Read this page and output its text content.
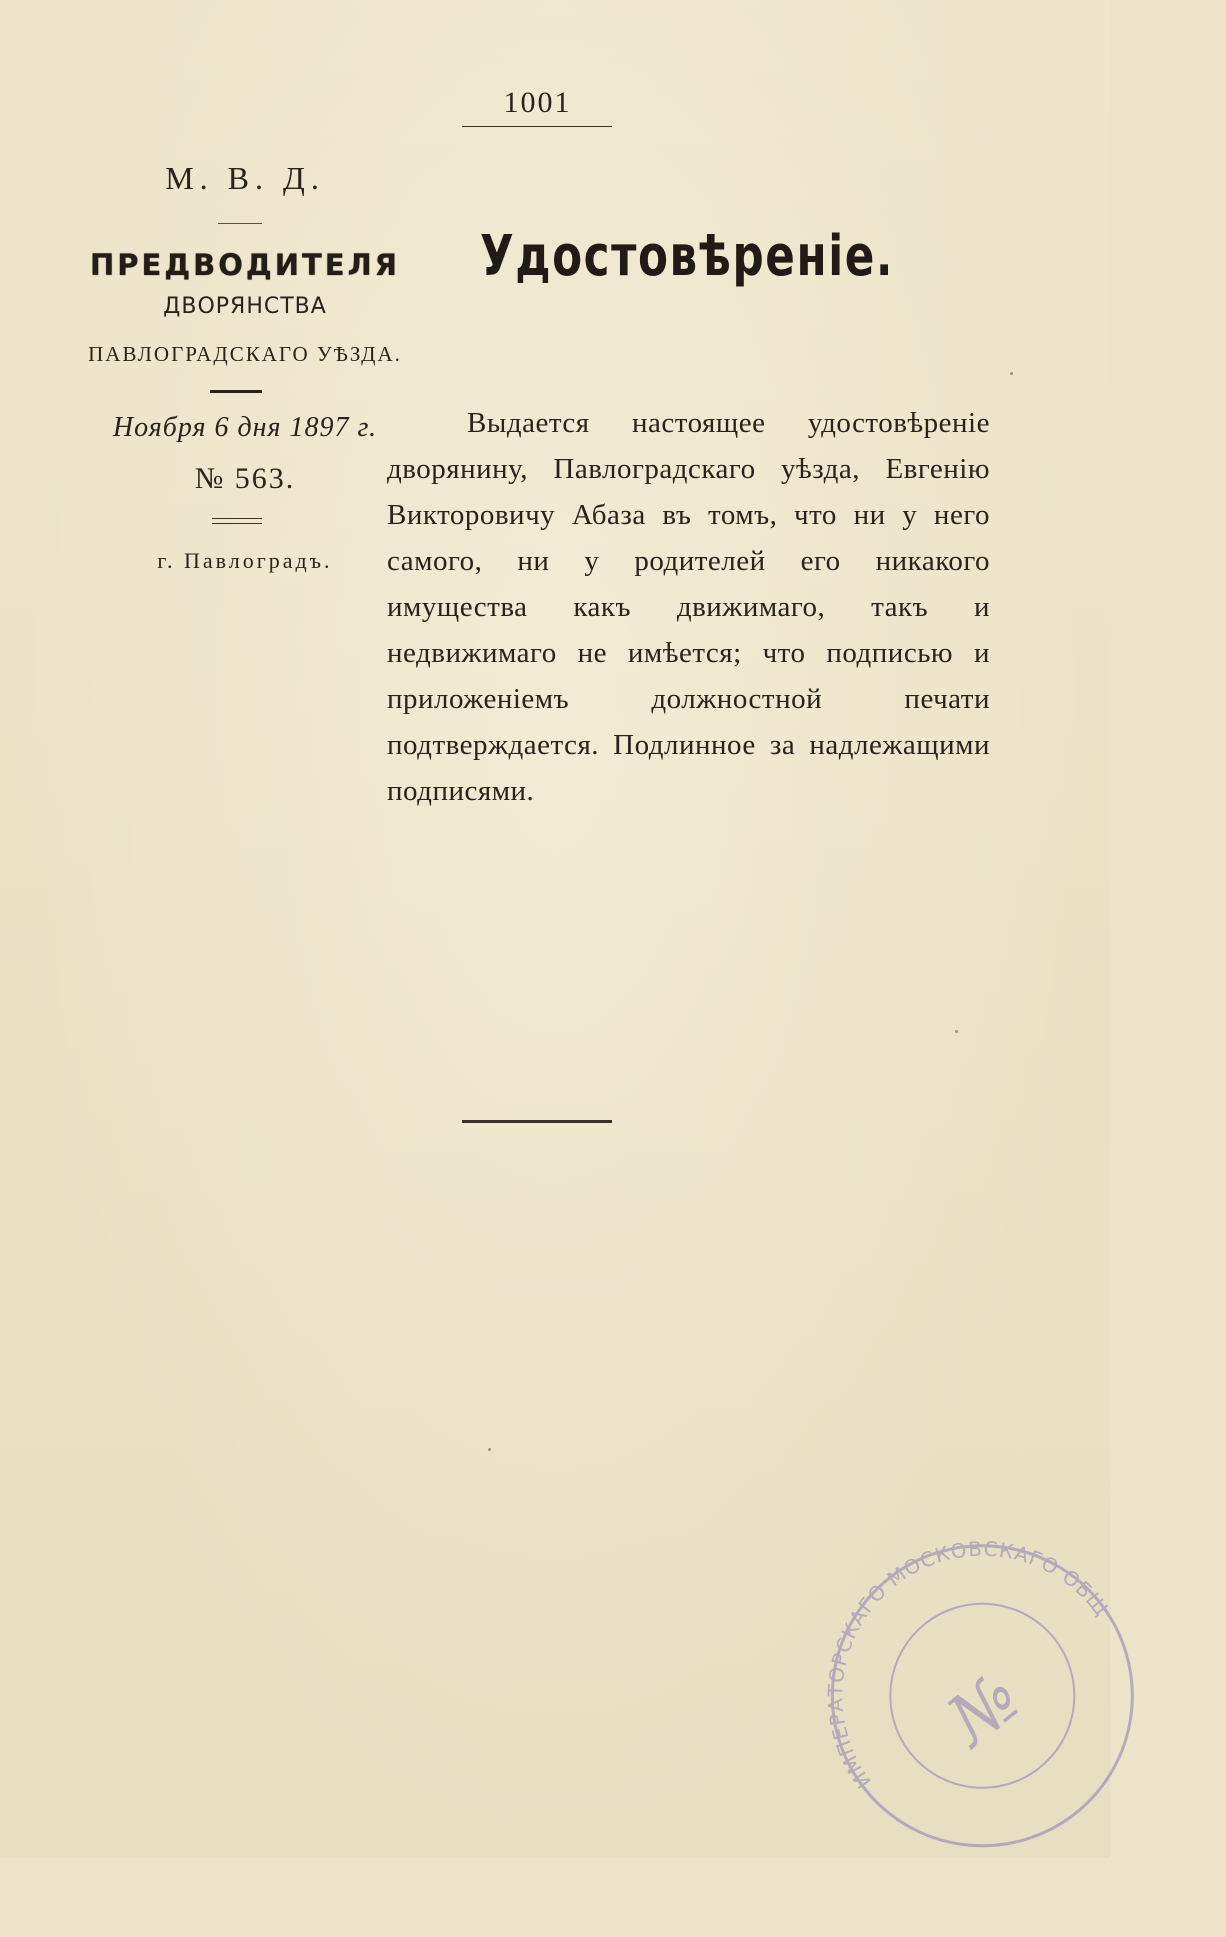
1001
М. В. Д.
ПРЕДВОДИТЕЛЯ
ДВОРЯНСТВА
ПАВЛОГРАДСКАГО УѢЗДА.
Ноября 6 дня 1897 г.
№ 563.
г. Павлоградъ.
Удостовѣреніе.
Выдается настоящее удостовѣреніе дворянину, Павлоградскаго уѣзда, Евгенію Викторовичу Абаза въ томъ, что ни у него самого, ни у родителей его никакого имущества какъ движимаго, такъ и недвижимаго не имѣется; что подписью и приложеніемъ должностной печати подтверждается. Подлинное за надлежащими подписями.
ИМПЕРАТОРСКАГО МОСКОВСКАГО ОБЩЕСТВА СЕЛЬСКАГО ХОЗЯЙСТВА
№
